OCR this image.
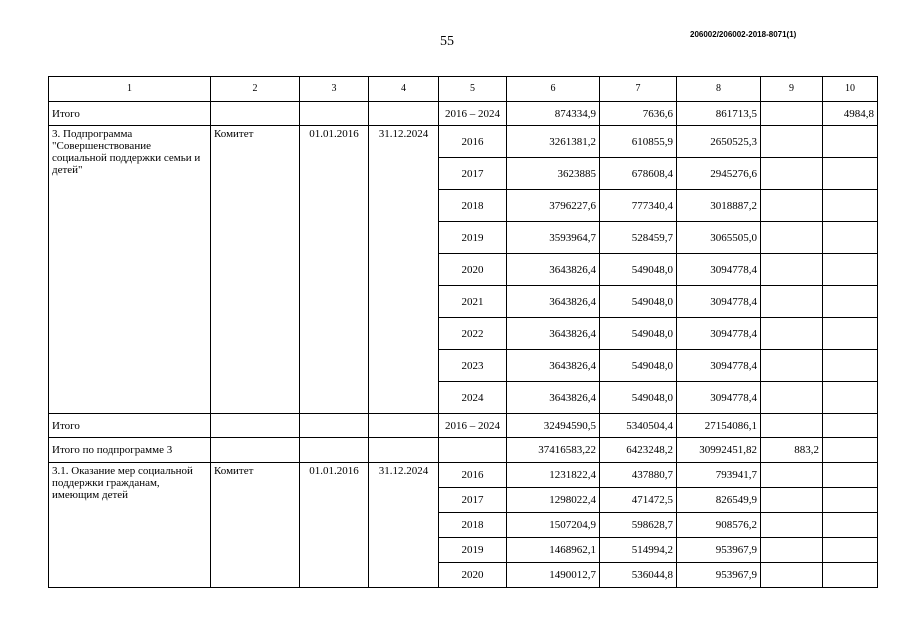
55	206002/206002-2018-8071(1)
1	2	3	4	5	6	7	8	9	10
Итого				2016 – 2024	874334,9	7636,6	861713,5		4984,8
3. Подпрограмма "Совершенствование социальной поддержки семьи и детей"	Комитет	01.01.2016	31.12.2024	2016	3261381,2	610855,9	2650525,3		
				2017	3623885	678608,4	2945276,6		
				2018	3796227,6	777340,4	3018887,2		
				2019	3593964,7	528459,7	3065505,0		
				2020	3643826,4	549048,0	3094778,4		
				2021	3643826,4	549048,0	3094778,4		
				2022	3643826,4	549048,0	3094778,4		
				2023	3643826,4	549048,0	3094778,4		
				2024	3643826,4	549048,0	3094778,4		
Итого				2016 – 2024	32494590,5	5340504,4	27154086,1		
Итого по подпрограмме 3					37416583,22	6423248,2	30992451,82	883,2	
3.1. Оказание мер социальной поддержки гражданам, имеющим детей	Комитет	01.01.2016	31.12.2024	2016	1231822,4	437880,7	793941,7		
				2017	1298022,4	471472,5	826549,9		
				2018	1507204,9	598628,7	908576,2		
				2019	1468962,1	514994,2	953967,9		
				2020	1490012,7	536044,8	953967,9		
